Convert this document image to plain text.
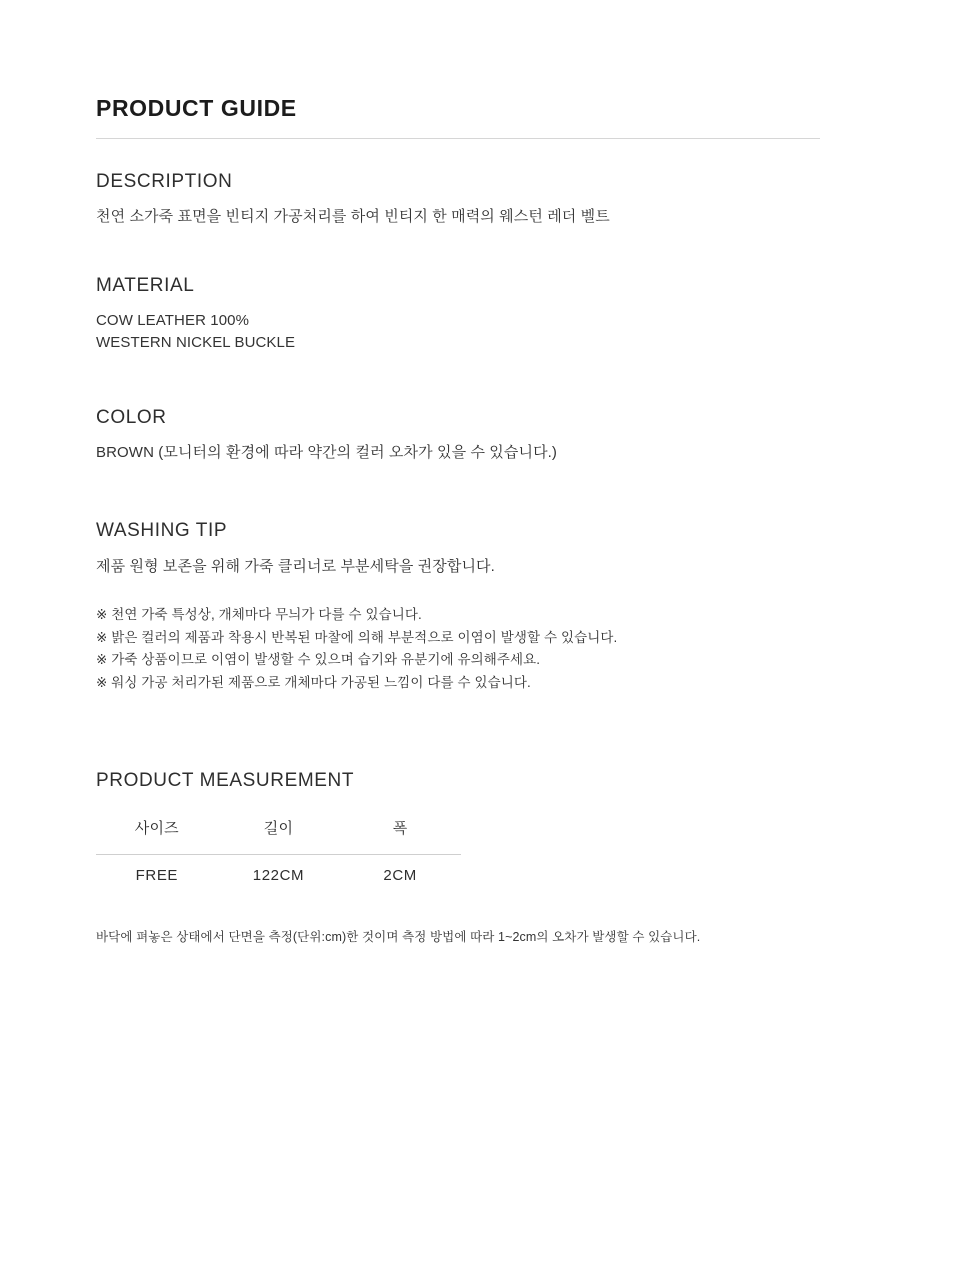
PRODUCT GUIDE
DESCRIPTION

천연 소가죽 표면을 빈티지 가공처리를 하여 빈티지 한 매력의 웨스턴 레더 벨트

MATERIAL

COW LEATHER 100%
WESTERN NICKEL BUCKLE

COLOR

BROWN (모니터의 환경에 따라 약간의 컬러 오차가 있을 수 있습니다.)

WASHING TIP

제품 원형 보존을 위해 가죽 클리너로 부분세탁을 권장합니다.

※ 천연 가죽 특성상, 개체마다 무늬가 다를 수 있습니다.
※ 밝은 컬러의 제품과 착용시 반복된 마찰에 의해 부분적으로 이염이 발생할 수 있습니다.
※ 가죽 상품이므로 이염이 발생할 수 있으며 습기와 유분기에 유의해주세요.
※ 워싱 가공 처리가된 제품으로 개체마다 가공된 느낌이 다를 수 있습니다.
PRODUCT MEASUREMENT
사이즈	길이	폭
FREE	122CM	2CM

바닥에 펴놓은 상태에서 단면을 측정(단위:cm)한 것이며 측정 방법에 따라 1~2cm의 오차가 발생할 수 있습니다.
